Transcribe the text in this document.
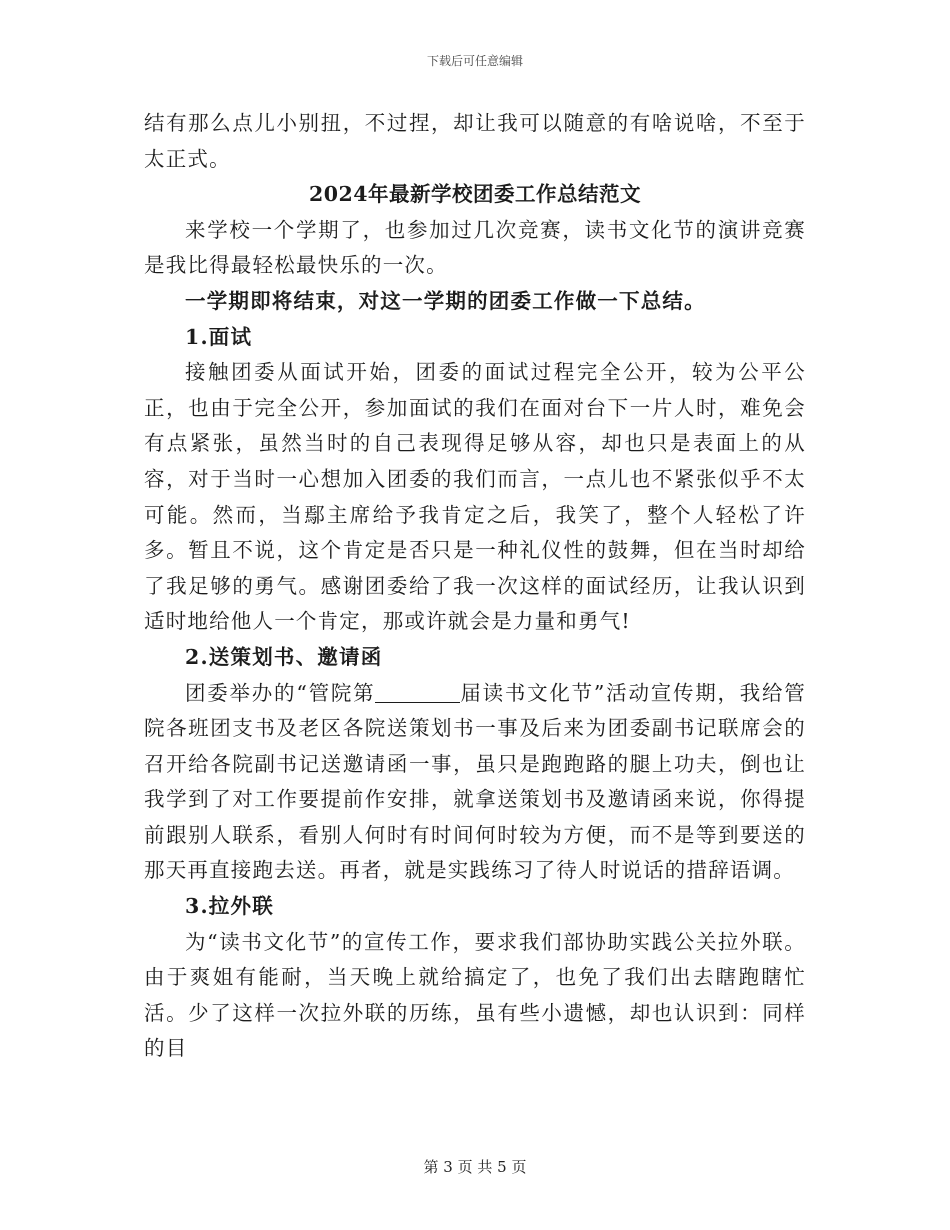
下载后可任意编辑

结有那么点儿小别扭，不过捏，却让我可以随意的有啥说啥，不至于太正式。

2024年最新学校团委工作总结范文

来学校一个学期了，也参加过几次竞赛，读书文化节的演讲竞赛是我比得最轻松最快乐的一次。

一学期即将结束，对这一学期的团委工作做一下总结。

1.面试

接触团委从面试开始，团委的面试过程完全公开，较为公平公正，也由于完全公开，参加面试的我们在面对台下一片人时，难免会有点紧张，虽然当时的自己表现得足够从容，却也只是表面上的从容，对于当时一心想加入团委的我们而言，一点儿也不紧张似乎不太可能。然而，当鄢主席给予我肯定之后，我笑了，整个人轻松了许多。暂且不说，这个肯定是否只是一种礼仪性的鼓舞，但在当时却给了我足够的勇气。感谢团委给了我一次这样的面试经历，让我认识到适时地给他人一个肯定，那或许就会是力量和勇气!

2.送策划书、邀请函

团委举办的“管院第　　	届读书文化节”活动宣传期，我给管院各班团支书及老区各院送策划书一事及后来为团委副书记联席会的召开给各院副书记送邀请函一事，虽只是跑跑路的腿上功夫，倒也让我学到了对工作要提前作安排，就拿送策划书及邀请函来说，你得提前跟别人联系，看别人何时有时间何时较为方便，而不是等到要送的那天再直接跑去送。再者，就是实践练习了待人时说话的措辞语调。

3.拉外联

为“读书文化节”的宣传工作，要求我们部协助实践公关拉外联。由于爽姐有能耐，当天晚上就给搞定了，也免了我们出去瞎跑瞎忙活。少了这样一次拉外联的历练，虽有些小遗憾，却也认识到：同样的目

第 3 页 共 5 页
